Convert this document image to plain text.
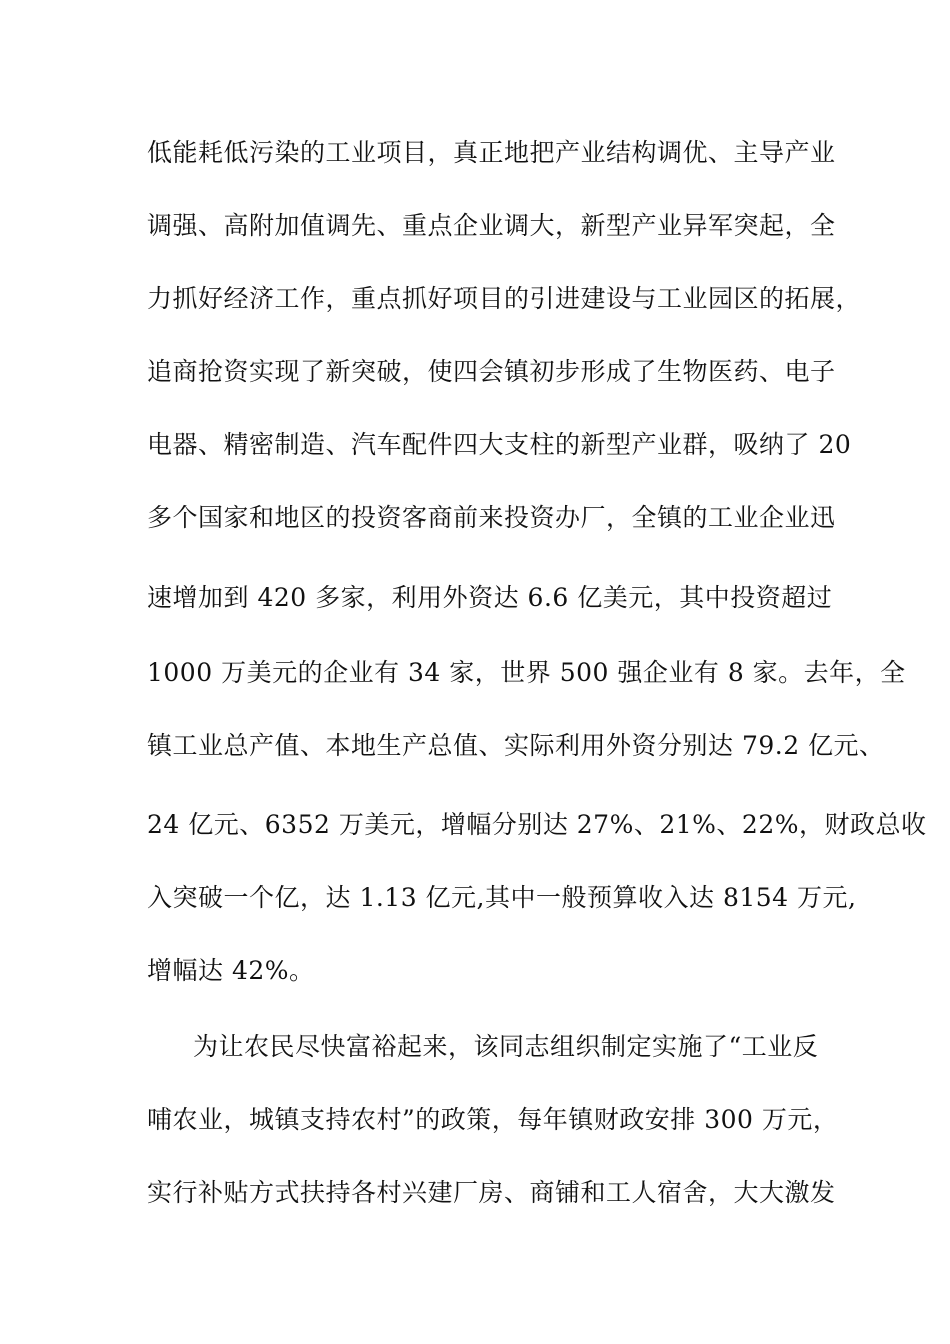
低能耗低污染的工业项目，真正地把产业结构调优、主导产业
调强、高附加值调先、重点企业调大，新型产业异军突起，全
力抓好经济工作，重点抓好项目的引进建设与工业园区的拓展，
追商抢资实现了新突破，使四会镇初步形成了生物医药、电子
电器、精密制造、汽车配件四大支柱的新型产业群，吸纳了 20
多个国家和地区的投资客商前来投资办厂，全镇的工业企业迅
速增加到 420 多家，利用外资达 6.6 亿美元，其中投资超过
1000 万美元的企业有 34 家，世界 500 强企业有 8 家。去年，全
镇工业总产值、本地生产总值、实际利用外资分别达 79.2 亿元、
24 亿元、6352 万美元，增幅分别达 27%、21%、22%，财政总收
入突破一个亿，达 1.13 亿元,其中一般预算收入达 8154 万元,
增幅达 42%。
为让农民尽快富裕起来，该同志组织制定实施了“工业反
哺农业，城镇支持农村”的政策，每年镇财政安排 300 万元，
实行补贴方式扶持各村兴建厂房、商铺和工人宿舍，大大激发
